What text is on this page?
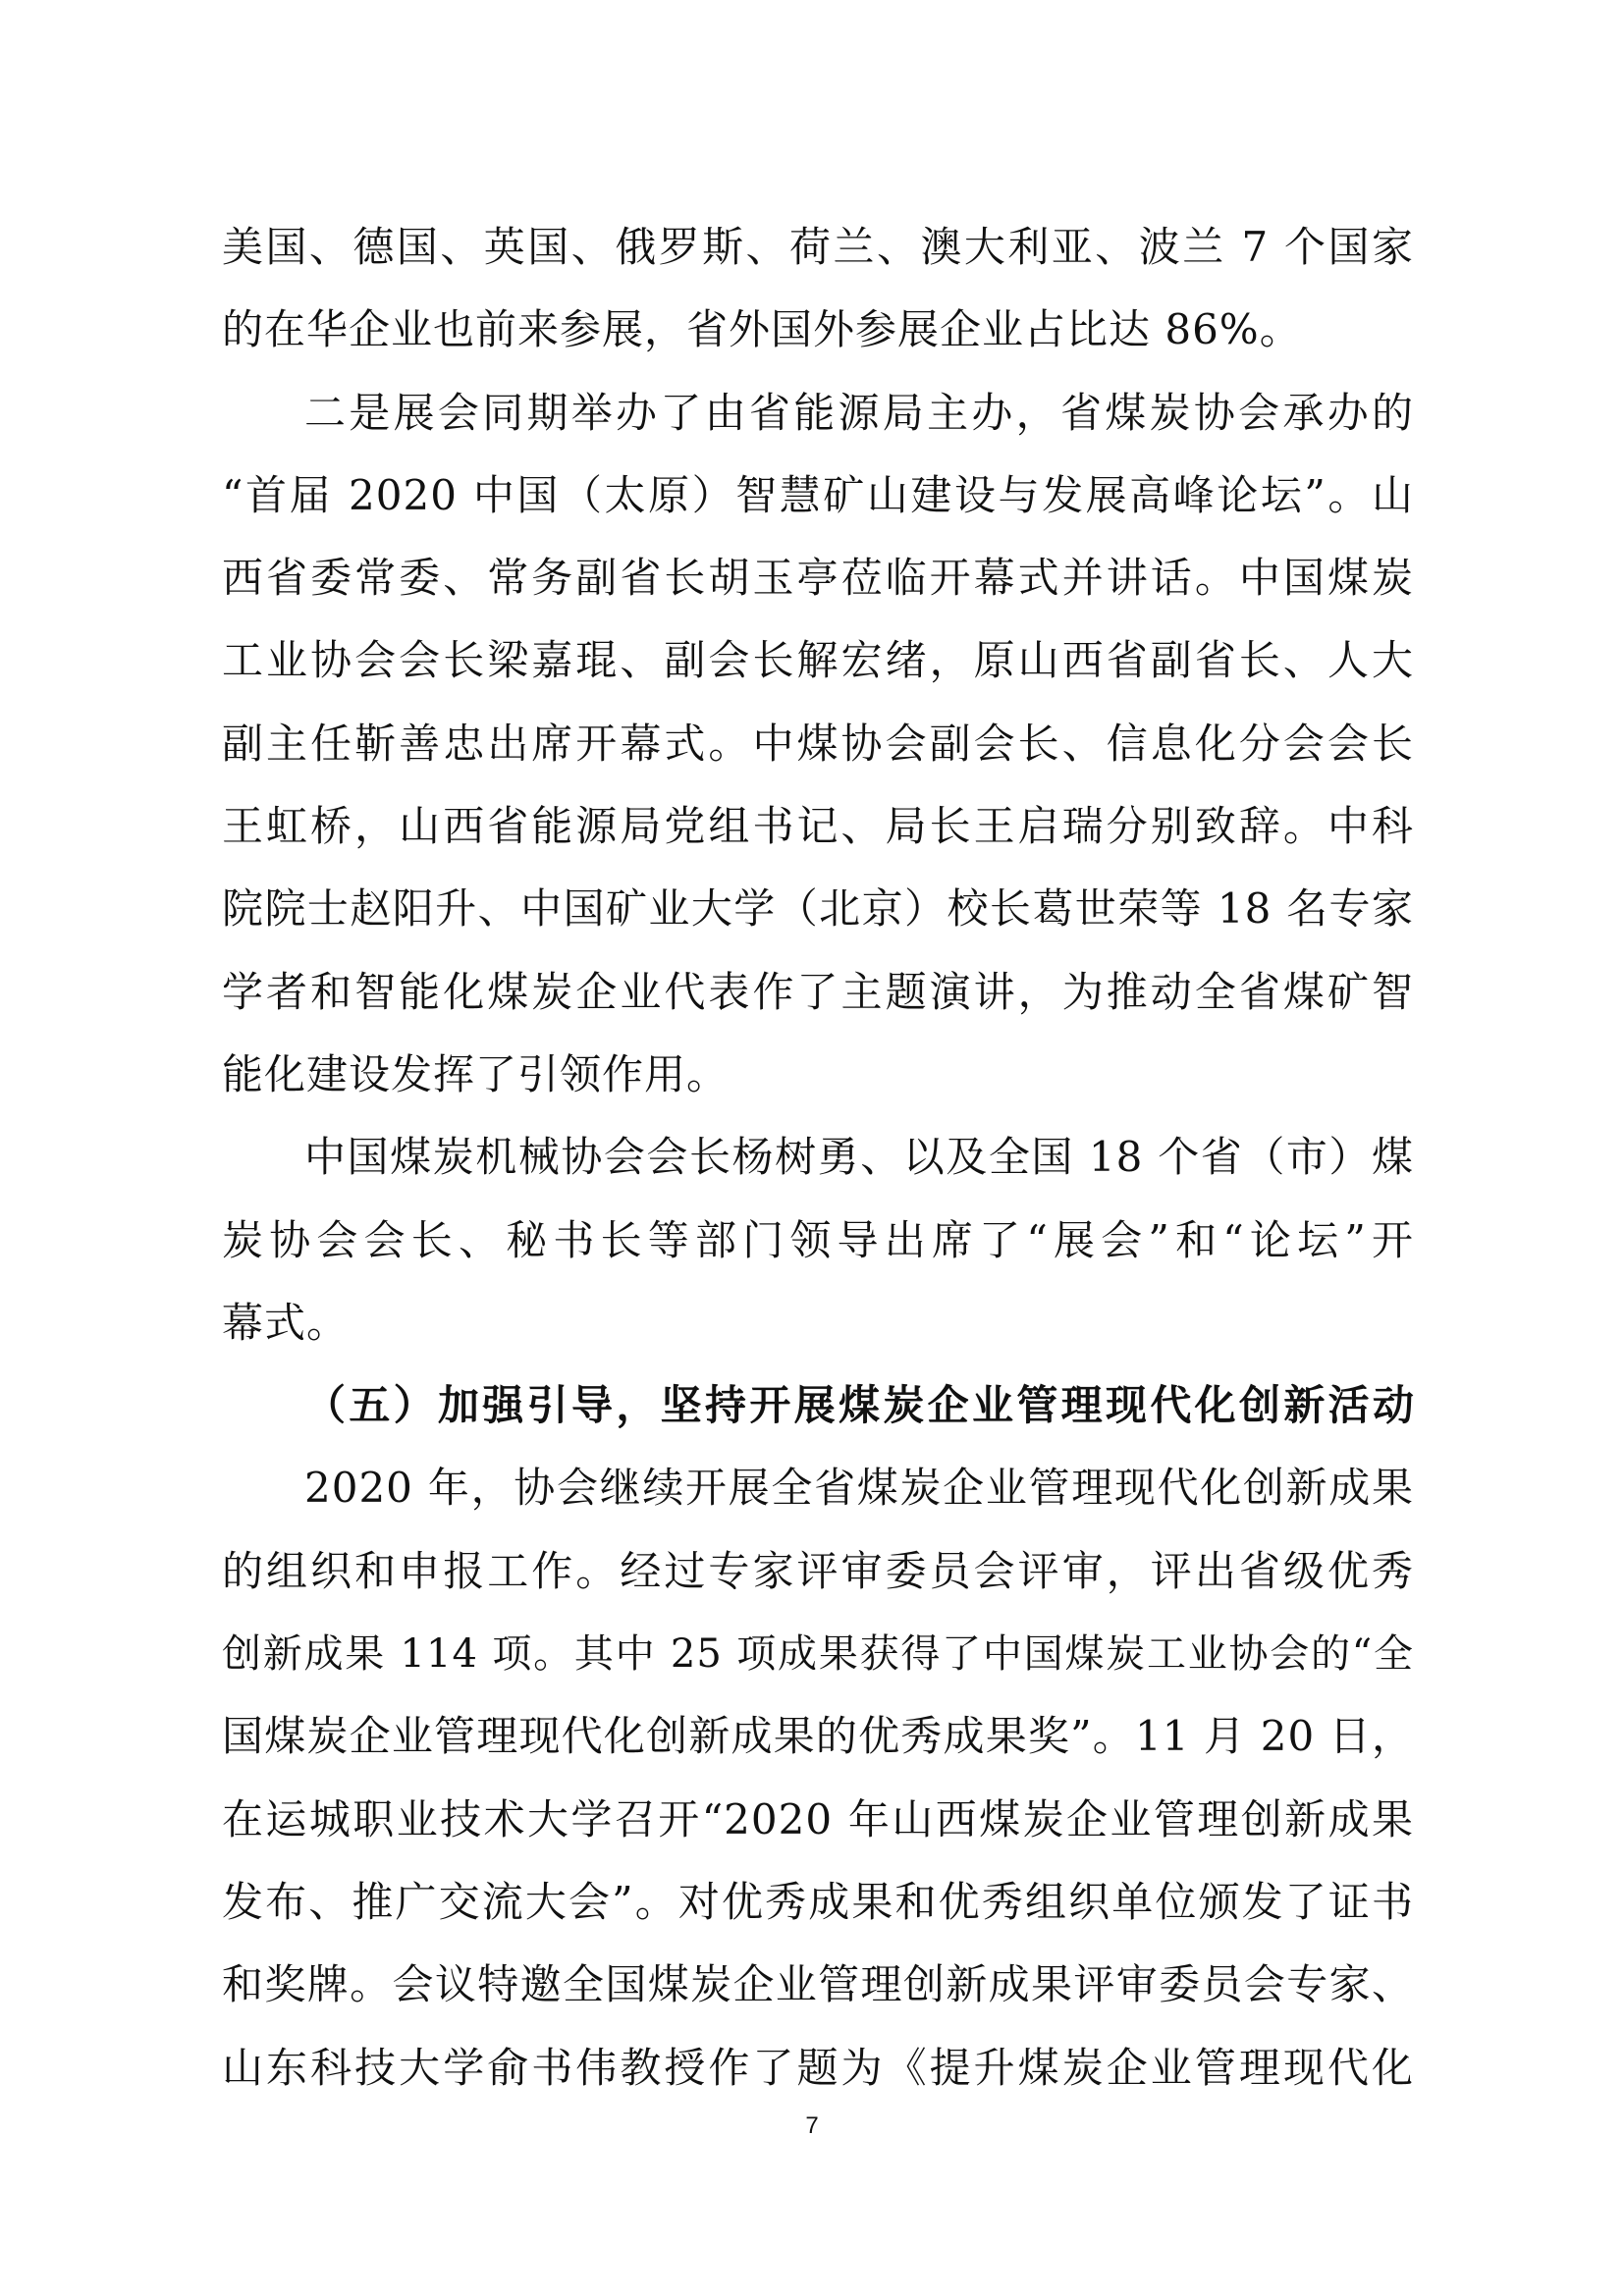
美国、德国、英国、俄罗斯、荷兰、澳大利亚、波兰 7 个国家
的在华企业也前来参展，省外国外参展企业占比达 86%。
二是展会同期举办了由省能源局主办，省煤炭协会承办的
“首届 2020 中国（太原）智慧矿山建设与发展高峰论坛”。山
西省委常委、常务副省长胡玉亭莅临开幕式并讲话。中国煤炭
工业协会会长梁嘉琨、副会长解宏绪，原山西省副省长、人大
副主任靳善忠出席开幕式。中煤协会副会长、信息化分会会长
王虹桥，山西省能源局党组书记、局长王启瑞分别致辞。中科
院院士赵阳升、中国矿业大学（北京）校长葛世荣等 18 名专家
学者和智能化煤炭企业代表作了主题演讲，为推动全省煤矿智
能化建设发挥了引领作用。
中国煤炭机械协会会长杨树勇、以及全国 18 个省（市）煤
炭协会会长、秘书长等部门领导出席了“展会”和“论坛”开
幕式。
（五）加强引导，坚持开展煤炭企业管理现代化创新活动
2020 年，协会继续开展全省煤炭企业管理现代化创新成果
的组织和申报工作。经过专家评审委员会评审，评出省级优秀
创新成果 114 项。其中 25 项成果获得了中国煤炭工业协会的“全
国煤炭企业管理现代化创新成果的优秀成果奖”。11 月 20 日，
在运城职业技术大学召开“2020 年山西煤炭企业管理创新成果
发布、推广交流大会”。对优秀成果和优秀组织单位颁发了证书
和奖牌。会议特邀全国煤炭企业管理创新成果评审委员会专家、
山东科技大学俞书伟教授作了题为《提升煤炭企业管理现代化
7
